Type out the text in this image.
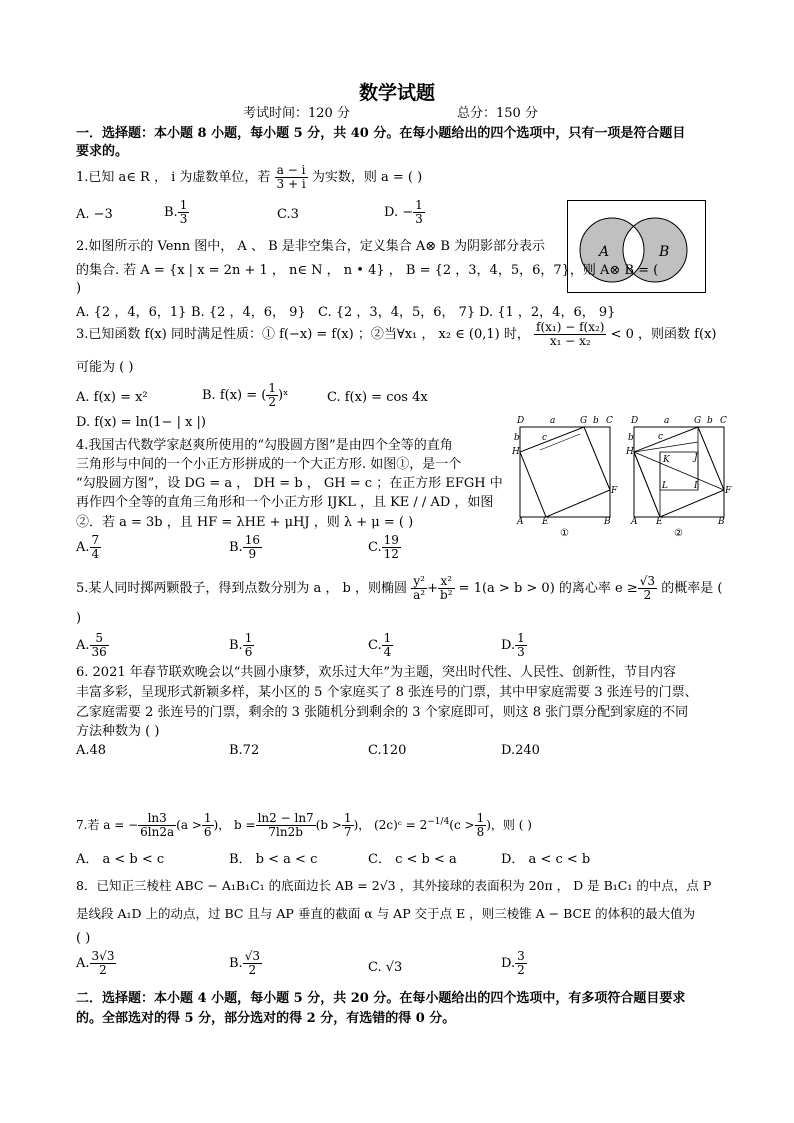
数学试题
考试时间：120 分	总分：150 分
一．选择题：本小题 8 小题，每小题 5 分，共 40 分。在每小题给出的四个选项中，只有一项是符合题目
要求的。
1.已知 a∈ R ， i 为虚数单位，若 $\frac{a - i}{3 + i}$ 为实数，则 a = ( )
A. −3	B. $\frac{1}{3}$	C.3	D. − $\frac{1}{3}$
A	B
2.如图所示的 Venn 图中， A 、 B 是非空集合，定义集合 A⊗ B 为阴影部分表示
的集合. 若 A = {x | x = 2n + 1 ， n∈ N ， n • 4} ， B = {2 ，3，4，5，6，7}，则 A⊗ B = (
)
A. {2 ，4，6，1} B. {2 ，4，6， 9} C. {2 ，3，4，5，6， 7} D. {1 ，2，4，6， 9}
3.已知函数 f(x) 同时满足性质：① f(−x) = f(x) ；②当∀x₁ ， x₂ ∈ (0,1) 时， $\frac{\text{f(x₁) − f(x₂)}}{\text{x₁ − x₂}} < 0$ ，则函数 f(x)
可能为 ( )
A. f(x) = x²	B. f(x) = ( $\frac{1}{2}$ )ˣ	C. f(x) = cos 4x
D. f(x) = ln(1− | x |)
4.我国古代数学家赵爽所使用的“勾股圆方图”是由四个全等的直角
三角形与中间的一个小正方形拼成的一个大正方形. 如图①，是一个
“勾股圆方图”，设 DG = a ， DH = b ， GH = c ；在正方形 EFGH 中
再作四个全等的直角三角形和一个小正方形 IJKL ，且 KE / / AD ，如图
②．若 a = 3b ，且 HF = λHE + μHJ ，则 λ + μ = ( )
A. $\frac{7}{4}$	B. $\frac{16}{9}$	C. $\frac{19}{12}$
D	a	G b C
b c
H
F
A E	B
①
D	a	G b C
b	c
H
K	J
L	I	F
A E	B
②
5.某人同时掷两颗骰子，得到点数分别为 a ， b ，则椭圆 $\frac{\text{y²}}{\text{a²}} + \frac{\text{x²}}{\text{b²}} = 1(a > b > 0)$ 的离心率 $e \ge \frac{√3}{2}$ 的概率是 (
)
A. $\frac{5}{36}$	B. $\frac{1}{6}$	C. $\frac{1}{4}$	D. $\frac{1}{3}$
6. 2021 年春节联欢晚会以“共圆小康梦，欢乐过大年”为主题，突出时代性、人民性、创新性，节目内容
丰富多彩，呈现形式新颖多样，某小区的 5 个家庭买了 8 张连号的门票，其中甲家庭需要 3 张连号的门票、
乙家庭需要 2 张连号的门票，剩余的 3 张随机分到剩余的 3 个家庭即可，则这 8 张门票分配到家庭的不同
方法种数为 ( )
A.48	B.72	C.120	D.240
7.若 a = − $\frac{\ln 3}{6\ln 2a} (a > \frac{1}{6}$ )， $b = \frac{\ln 2 - \ln 7}{7\ln 2b} (b > \frac{1}{7}$ )， (2c)ᶜ = $2^{-1/4}(c > \frac{1}{8}$ )，则 ( )
A． a < b < c	B． b < a < c	C． c < b < a	D． a < c < b
8．已知正三棱柱 ABC − A₁B₁C₁ 的底面边长 AB = 2√3 ，其外接球的表面积为 20π ， D 是 B₁C₁ 的中点，点 P
是线段 A₁D 上的动点，过 BC 且与 AP 垂直的截面 α 与 AP 交于点 E ，则三棱锥 A − BCE 的体积的最大值为
( )
A. $\frac{3√3}{2}$	B. $\frac{√3}{2}$	C. √3	D. $\frac{3}{2}$
二．选择题：本小题 4 小题，每小题 5 分，共 20 分。在每小题给出的四个选项中，有多项符合题目要求
的。全部选对的得 5 分，部分选对的得 2 分，有选错的得 0 分。
